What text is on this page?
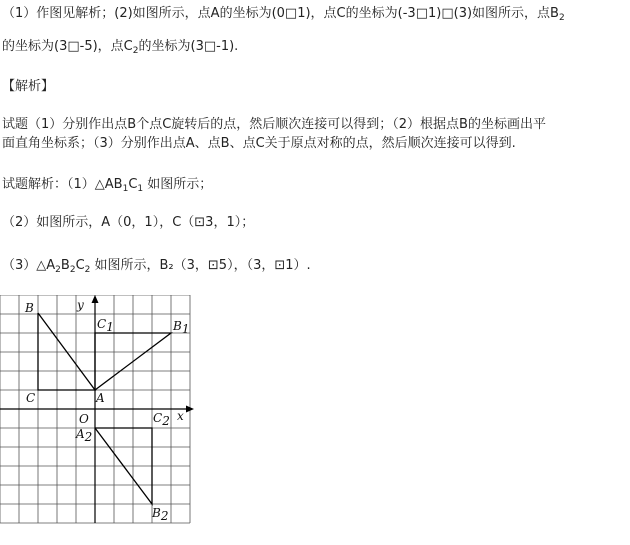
（1）作图见解析；(2)如图所示，点A的坐标为(0□1)，点C的坐标为(-3□1)□(3)如图所示，点$B_2$
的坐标为(3□-5)，点$C_2$的坐标为(3□-1).
【解析】
试题（1）分别作出点B个点C旋转后的点，然后顺次连接可以得到；（2）根据点B的坐标画出平
面直角坐标系；（3）分别作出点A、点B、点C关于原点对称的点，然后顺次连接可以得到.
试题解析：$(1)\triangle AB_1C_1$ 如图所示；
（2）如图所示，A（0，1），C（⊡3，1）；
$(3)\triangle A_2B_2C_2$ 如图所示，B₂（3，⊡5），（3，⊡1）.
B
C	A
O	x
y
C1	B1
C2
A2
B2
